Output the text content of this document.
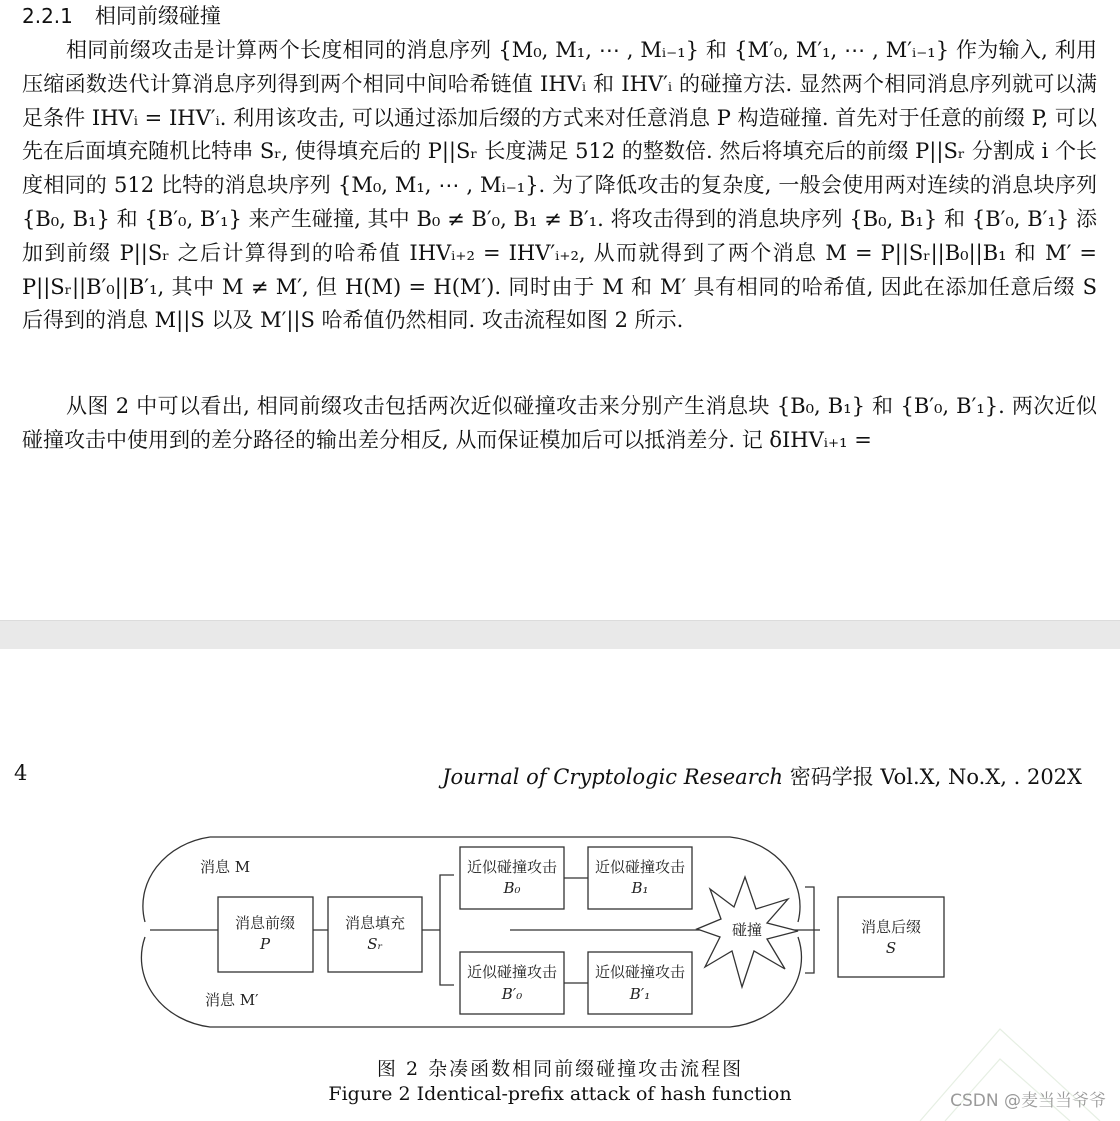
2.2.1 相同前缀碰撞
相同前缀攻击是计算两个长度相同的消息序列 {M₀, M₁, ⋯ , Mᵢ₋₁} 和 {M′₀, M′₁, ⋯ , M′ᵢ₋₁} 作为输入, 利用压缩函数迭代计算消息序列得到两个相同中间哈希链值 IHVᵢ 和 IHV′ᵢ 的碰撞方法. 显然两个相同消息序列就可以满足条件 IHVᵢ = IHV′ᵢ. 利用该攻击, 可以通过添加后缀的方式来对任意消息 P 构造碰撞. 首先对于任意的前缀 P, 可以先在后面填充随机比特串 Sᵣ, 使得填充后的 P||Sᵣ 长度满足 512 的整数倍. 然后将填充后的前缀 P||Sᵣ 分割成 i 个长度相同的 512 比特的消息块序列 {M₀, M₁, ⋯ , Mᵢ₋₁}. 为了降低攻击的复杂度, 一般会使用两对连续的消息块序列 {B₀, B₁} 和 {B′₀, B′₁} 来产生碰撞, 其中 B₀ ≠ B′₀, B₁ ≠ B′₁. 将攻击得到的消息块序列 {B₀, B₁} 和 {B′₀, B′₁} 添加到前缀 P||Sᵣ 之后计算得到的哈希值 IHVᵢ₊₂ = IHV′ᵢ₊₂, 从而就得到了两个消息 M = P||Sᵣ||B₀||B₁ 和 M′ = P||Sᵣ||B′₀||B′₁, 其中 M ≠ M′, 但 H(M) = H(M′). 同时由于 M 和 M′ 具有相同的哈希值, 因此在添加任意后缀 S 后得到的消息 M||S 以及 M′||S 哈希值仍然相同. 攻击流程如图 2 所示.
从图 2 中可以看出, 相同前缀攻击包括两次近似碰撞攻击来分别产生消息块 {B₀, B₁} 和 {B′₀, B′₁}. 两次近似碰撞攻击中使用到的差分路径的输出差分相反, 从而保证模加后可以抵消差分. 记 δIHVᵢ₊₁ =
4	Journal of Cryptologic Research 密码学报 Vol.X, No.X, . 202X
消息 M
消息 M′
消息前缀
P
消息填充
Sᵣ
近似碰撞攻击
B₀
近似碰撞攻击
B₁
近似碰撞攻击
B′₀
近似碰撞攻击
B′₁
碰撞	消息后缀
S
图 2 杂凑函数相同前缀碰撞攻击流程图
Figure 2 Identical-prefix attack of hash function	CSDN @麦当当爷爷
